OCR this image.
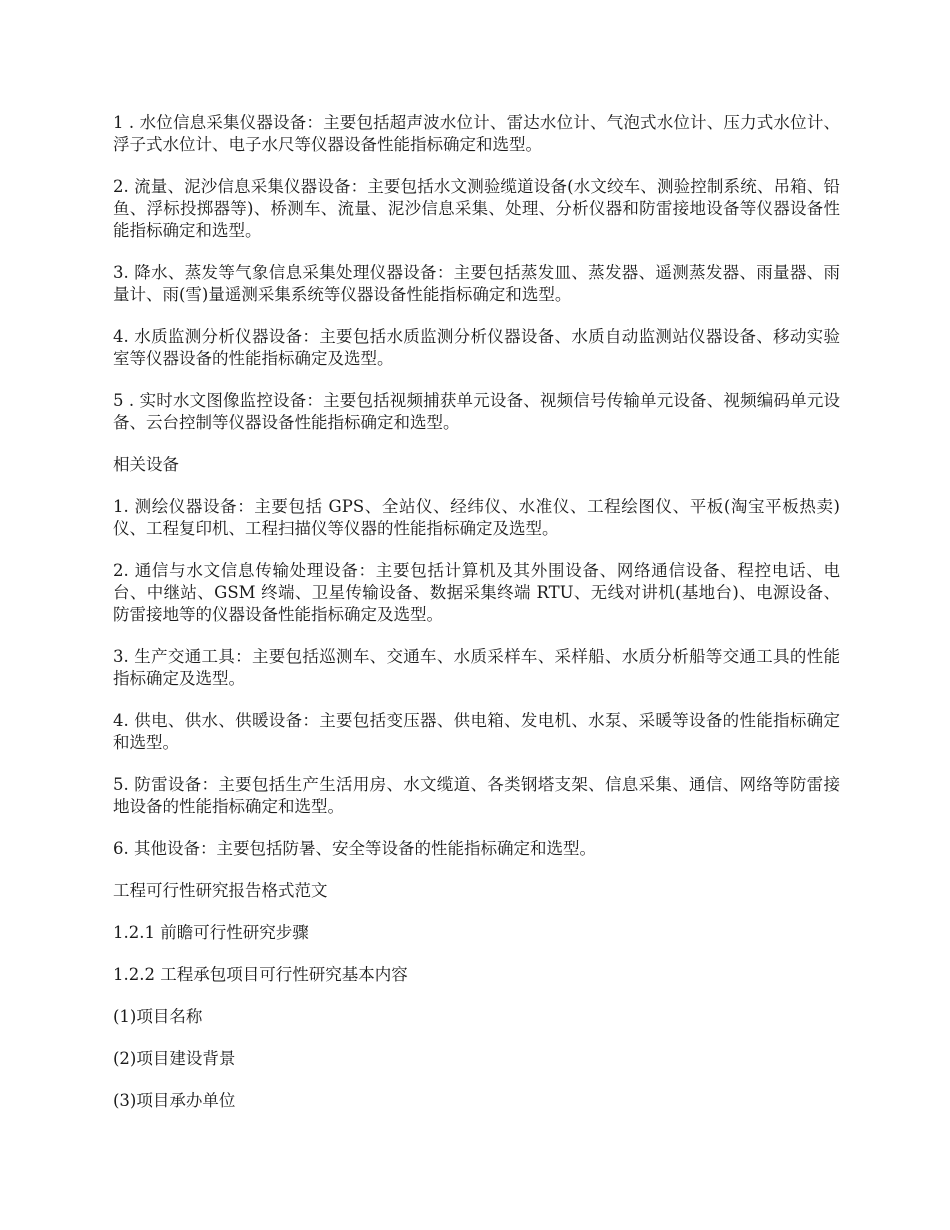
1 . 水位信息采集仪器设备：主要包括超声波水位计、雷达水位计、气泡式水位计、压力式水位计、浮子式水位计、电子水尺等仪器设备性能指标确定和选型。

2. 流量、泥沙信息采集仪器设备：主要包括水文测验缆道设备(水文绞车、测验控制系统、吊箱、铅鱼、浮标投掷器等)、桥测车、流量、泥沙信息采集、处理、分析仪器和防雷接地设备等仪器设备性能指标确定和选型。

3. 降水、蒸发等气象信息采集处理仪器设备：主要包括蒸发皿、蒸发器、遥测蒸发器、雨量器、雨量计、雨(雪)量遥测采集系统等仪器设备性能指标确定和选型。

4. 水质监测分析仪器设备：主要包括水质监测分析仪器设备、水质自动监测站仪器设备、移动实验室等仪器设备的性能指标确定及选型。

5 . 实时水文图像监控设备：主要包括视频捕获单元设备、视频信号传输单元设备、视频编码单元设备、云台控制等仪器设备性能指标确定和选型。

相关设备

1. 测绘仪器设备：主要包括 GPS、全站仪、经纬仪、水准仪、工程绘图仪、平板(淘宝平板热卖)仪、工程复印机、工程扫描仪等仪器的性能指标确定及选型。

2. 通信与水文信息传输处理设备：主要包括计算机及其外围设备、网络通信设备、程控电话、电台、中继站、GSM 终端、卫星传输设备、数据采集终端 RTU、无线对讲机(基地台)、电源设备、防雷接地等的仪器设备性能指标确定及选型。

3. 生产交通工具：主要包括巡测车、交通车、水质采样车、采样船、水质分析船等交通工具的性能指标确定及选型。

4. 供电、供水、供暖设备：主要包括变压器、供电箱、发电机、水泵、采暖等设备的性能指标确定和选型。

5. 防雷设备：主要包括生产生活用房、水文缆道、各类钢塔支架、信息采集、通信、网络等防雷接地设备的性能指标确定和选型。

6. 其他设备：主要包括防暑、安全等设备的性能指标确定和选型。

工程可行性研究报告格式范文

1.2.1 前瞻可行性研究步骤

1.2.2 工程承包项目可行性研究基本内容

(1)项目名称

(2)项目建设背景

(3)项目承办单位
